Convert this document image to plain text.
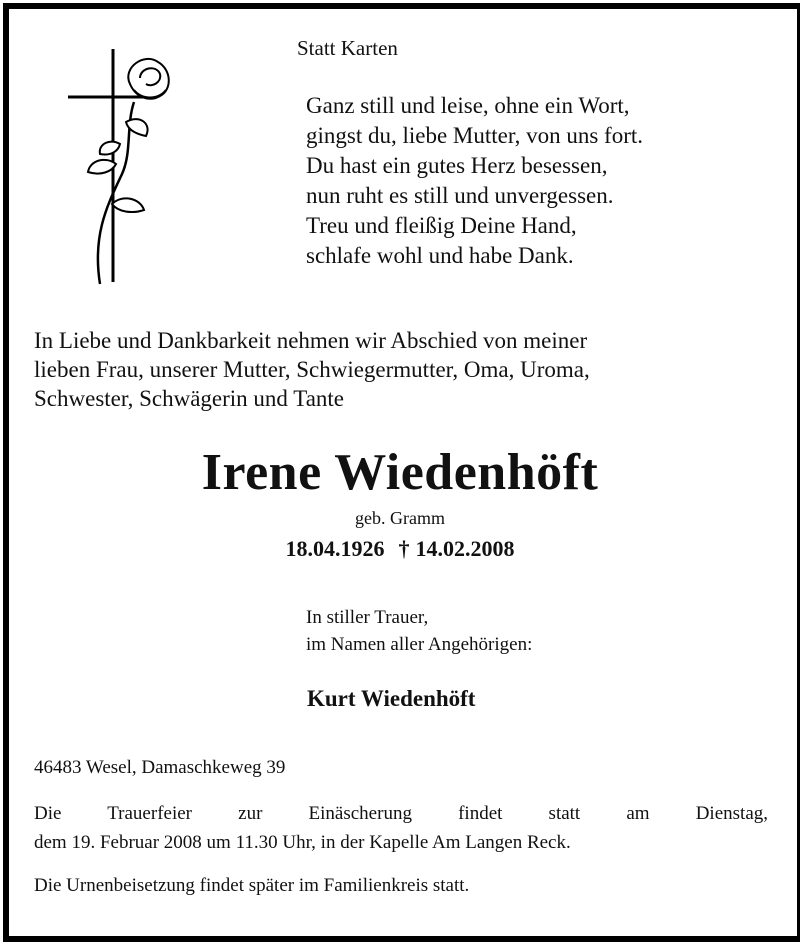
Statt Karten
Ganz still und leise, ohne ein Wort,
gingst du, liebe Mutter, von uns fort.
Du hast ein gutes Herz besessen,
nun ruht es still und unvergessen.
Treu und fleißig Deine Hand,
schlafe wohl und habe Dank.
In Liebe und Dankbarkeit nehmen wir Abschied von meiner
lieben Frau, unserer Mutter, Schwiegermutter, Oma, Uroma,
Schwester, Schwägerin und Tante
Irene Wiedenhöft
geb. Gramm
18.04.1926 † 14.02.2008
In stiller Trauer,
im Namen aller Angehörigen:
Kurt Wiedenhöft
46483 Wesel, Damaschkeweg 39
Die Trauerfeier zur Einäscherung findet statt am Dienstag,
dem 19. Februar 2008 um 11.30 Uhr, in der Kapelle Am Langen Reck.
Die Urnenbeisetzung findet später im Familienkreis statt.
